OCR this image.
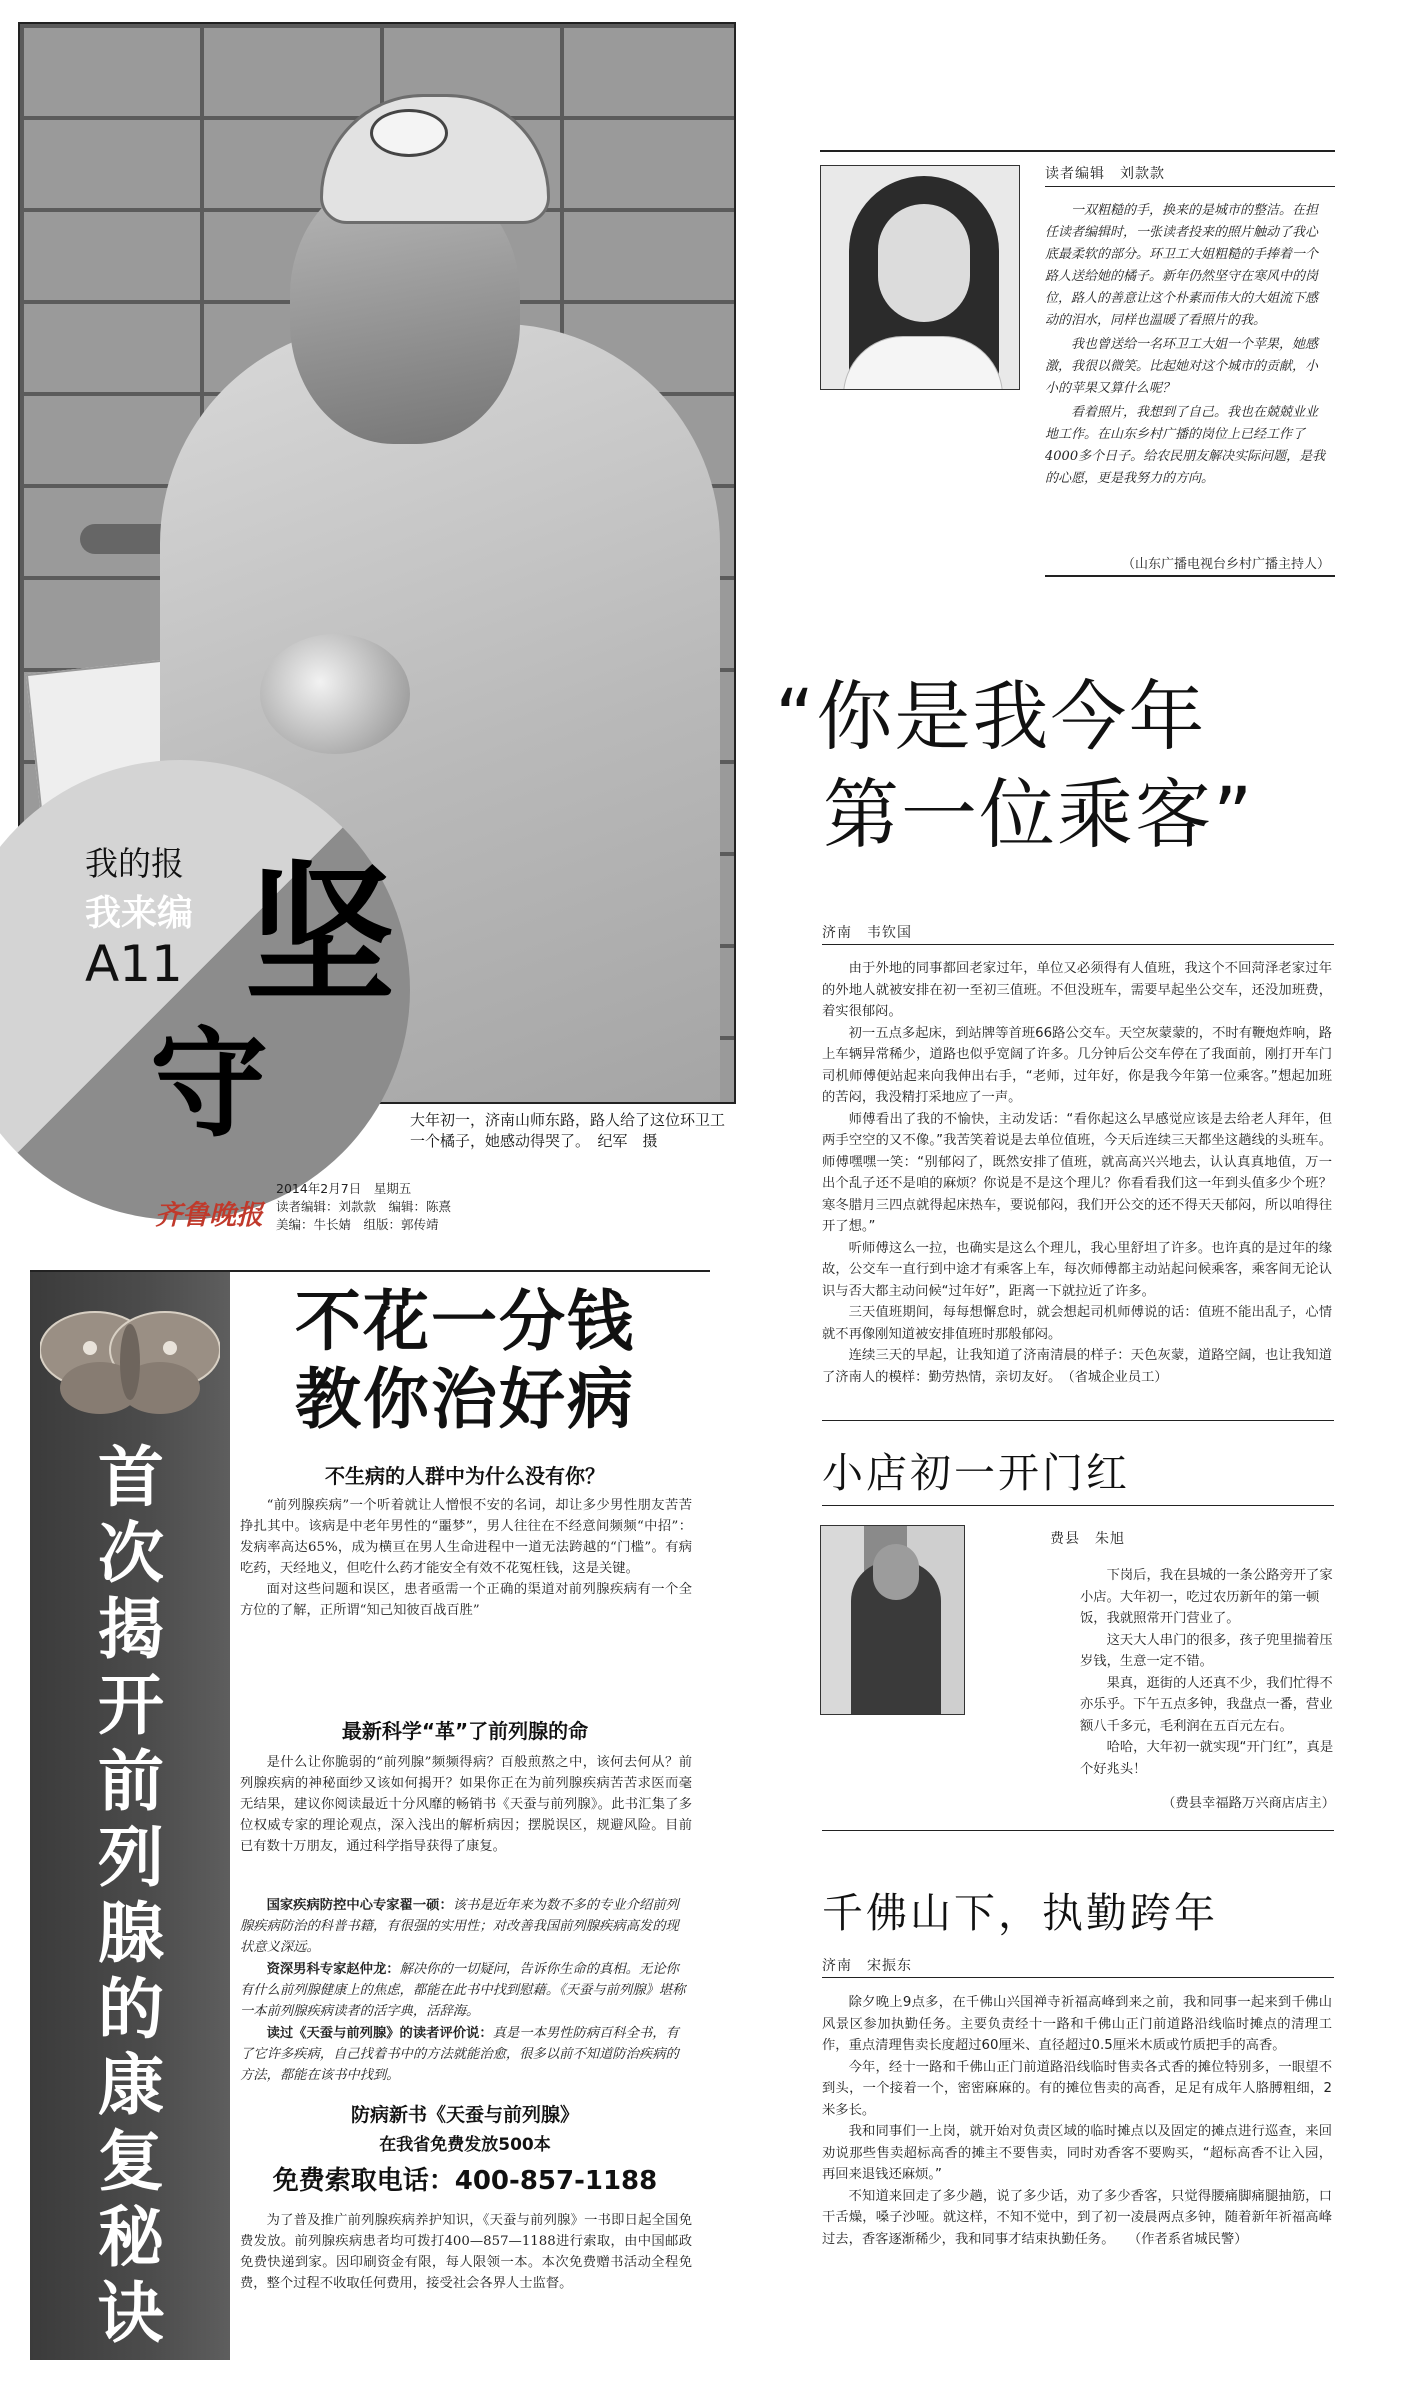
我的报
我来编
A11 坚
守	大年初一，济南山师东路，路人给了这位环卫工一个橘子，她感动得哭了。　纪军　摄
齐鲁晚报
2014年2月7日　星期五
读者编辑：刘款款　编辑：陈熹
美编：牛长婧　组版：郭传靖
读者编辑　刘款款

一双粗糙的手，换来的是城市的整洁。在担任读者编辑时，一张读者投来的照片触动了我心底最柔软的部分。环卫工大姐粗糙的手捧着一个路人送给她的橘子。新年仍然坚守在寒风中的岗位，路人的善意让这个朴素而伟大的大姐流下感动的泪水，同样也温暖了看照片的我。

我也曾送给一名环卫工大姐一个苹果，她感激，我很以微笑。比起她对这个城市的贡献，小小的苹果又算什么呢？

看着照片，我想到了自己。我也在兢兢业业地工作。在山东乡村广播的岗位上已经工作了4000多个日子。给农民朋友解决实际问题，是我的心愿，更是我努力的方向。

（山东广播电视台乡村广播主持人）
“你是我今年
第一位乘客”
济南　韦钦国

由于外地的同事都回老家过年，单位又必须得有人值班，我这个不回菏泽老家过年的外地人就被安排在初一至初三值班。不但没班车，需要早起坐公交车，还没加班费，着实很郁闷。

初一五点多起床，到站牌等首班66路公交车。天空灰蒙蒙的，不时有鞭炮炸响，路上车辆异常稀少，道路也似乎宽阔了许多。几分钟后公交车停在了我面前，刚打开车门司机师傅便站起来向我伸出右手，“老师，过年好，你是我今年第一位乘客。”想起加班的苦闷，我没精打采地应了一声。

师傅看出了我的不愉快，主动发话：“看你起这么早感觉应该是去给老人拜年，但两手空空的又不像。”我苦笑着说是去单位值班，今天后连续三天都坐这趟线的头班车。师傅嘿嘿一笑：“别郁闷了，既然安排了值班，就高高兴兴地去，认认真真地值，万一出个乱子还不是咱的麻烦？你说是不是这个理儿？你看看我们这一年到头值多少个班？寒冬腊月三四点就得起床热车，要说郁闷，我们开公交的还不得天天郁闷，所以咱得往开了想。”

听师傅这么一拉，也确实是这么个理儿，我心里舒坦了许多。也许真的是过年的缘故，公交车一直行到中途才有乘客上车，每次师傅都主动站起问候乘客，乘客间无论认识与否大都主动问候“过年好”，距离一下就拉近了许多。

三天值班期间，每每想懈怠时，就会想起司机师傅说的话：值班不能出乱子，心情就不再像刚知道被安排值班时那般郁闷。

连续三天的早起，让我知道了济南清晨的样子：天色灰蒙，道路空阔，也让我知道了济南人的模样：勤劳热情，亲切友好。　（省城企业员工）

小店初一开门红
费县　朱旭

下岗后，我在县城的一条公路旁开了家小店。大年初一，吃过农历新年的第一顿饭，我就照常开门营业了。

这天大人串门的很多，孩子兜里揣着压岁钱，生意一定不错。

果真，逛街的人还真不少，我们忙得不亦乐乎。下午五点多钟，我盘点一番，营业额八千多元，毛利润在五百元左右。

哈哈，大年初一就实现“开门红”，真是个好兆头！

（费县幸福路万兴商店店主）
千佛山下，执勤跨年
济南　宋振东

除夕晚上9点多，在千佛山兴国禅寺祈福高峰到来之前，我和同事一起来到千佛山风景区参加执勤任务。主要负责经十一路和千佛山正门前道路沿线临时摊点的清理工作，重点清理售卖长度超过60厘米、直径超过0.5厘米木质或竹质把手的高香。

今年，经十一路和千佛山正门前道路沿线临时售卖各式香的摊位特别多，一眼望不到头，一个接着一个，密密麻麻的。有的摊位售卖的高香，足足有成年人胳膊粗细，2米多长。

我和同事们一上岗，就开始对负责区域的临时摊点以及固定的摊点进行巡查，来回劝说那些售卖超标高香的摊主不要售卖，同时劝香客不要购买，“超标高香不让入园，再回来退钱还麻烦。”

不知道来回走了多少趟，说了多少话，劝了多少香客，只觉得腰痛脚痛腿抽筋，口干舌燥，嗓子沙哑。就这样，不知不觉中，到了初一凌晨两点多钟，随着新年祈福高峰过去，香客逐渐稀少，我和同事才结束执勤任务。　　（作者系省城民警）

首
次
揭
开
前
列
腺
的
康
复
秘
诀
不花一分钱
教你治好病
不生病的人群中为什么没有你？

“前列腺疾病”一个听着就让人憎恨不安的名词，却让多少男性朋友苦苦挣扎其中。该病是中老年男性的“噩梦”，男人往往在不经意间频频“中招”：发病率高达65%，成为横亘在男人生命进程中一道无法跨越的“门槛”。有病吃药，天经地义，但吃什么药才能安全有效不花冤枉钱，这是关键。

面对这些问题和误区，患者亟需一个正确的渠道对前列腺疾病有一个全方位的了解，正所谓“知己知彼百战百胜”

最新科学“革”了前列腺的命

是什么让你脆弱的“前列腺”频频得病？百般煎熬之中，该何去何从？前列腺疾病的神秘面纱又该如何揭开？如果你正在为前列腺疾病苦苦求医而毫无结果，建议你阅读最近十分风靡的畅销书《天蚕与前列腺》。此书汇集了多位权威专家的理论观点，深入浅出的解析病因；摆脱误区，规避风险。目前已有数十万朋友，通过科学指导获得了康复。

国家疾病防控中心专家翟一硕：该书是近年来为数不多的专业介绍前列腺疾病防治的科普书籍，有很强的实用性；对改善我国前列腺疾病高发的现状意义深远。

资深男科专家赵仲龙：解决你的一切疑问，告诉你生命的真相。无论你有什么前列腺健康上的焦虑，都能在此书中找到慰藉。《天蚕与前列腺》堪称一本前列腺疾病读者的活字典，活辞海。

读过《天蚕与前列腺》的读者评价说：真是一本男性防病百科全书，有了它许多疾病，自己找着书中的方法就能治愈，很多以前不知道防治疾病的方法，都能在该书中找到。

防病新书《天蚕与前列腺》
在我省免费发放500本
免费索取电话：400-857-1188

为了普及推广前列腺疾病养护知识，《天蚕与前列腺》一书即日起全国免费发放。前列腺疾病患者均可拨打400—857—1188进行索取，由中国邮政免费快递到家。因印刷资金有限，每人限领一本。本次免费赠书活动全程免费，整个过程不收取任何费用，接受社会各界人士监督。
